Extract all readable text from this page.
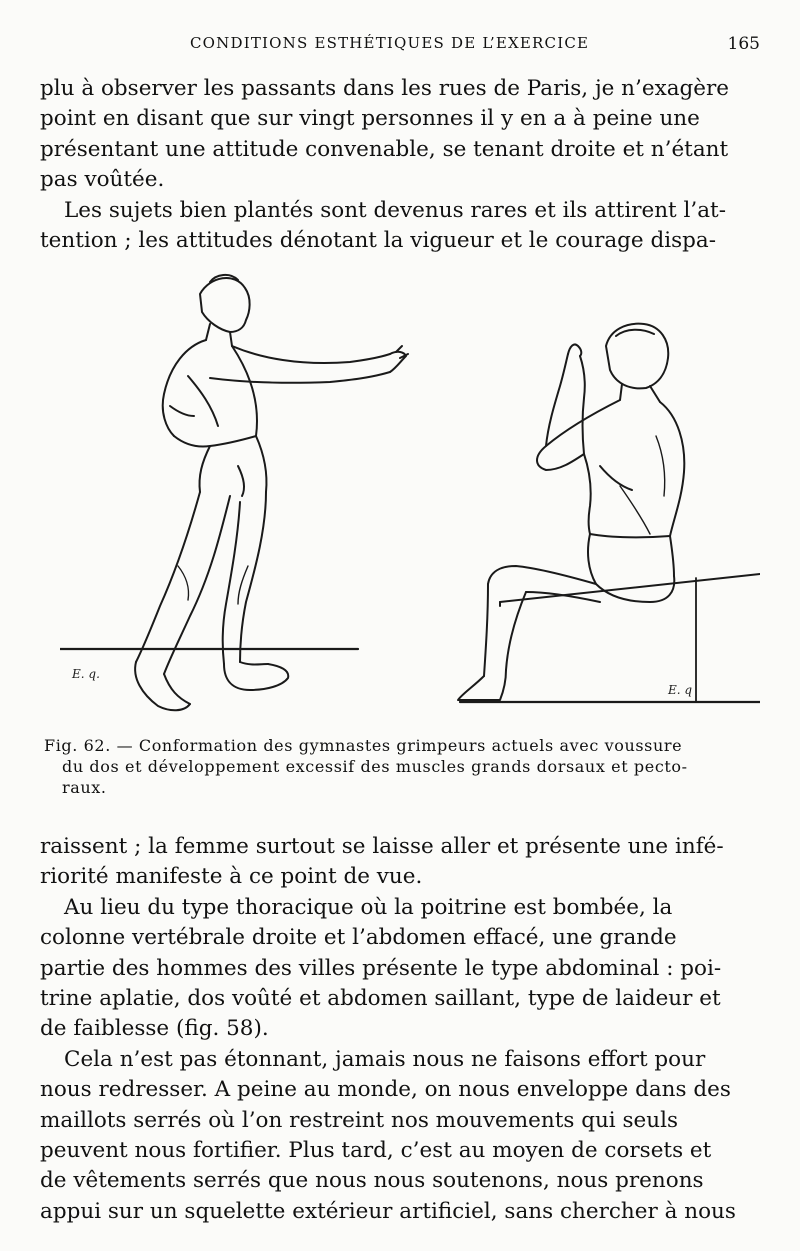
CONDITIONS ESTHÉTIQUES DE L’EXERCICE	165

plu à observer les passants dans les rues de Paris, je n’exagère
point en disant que sur vingt personnes il y en a à peine une
présentant une attitude convenable, se tenant droite et n’étant
pas voûtée.

Les sujets bien plantés sont devenus rares et ils attirent l’at-
tention ; les attitudes dénotant la vigueur et le courage dispa-

E. q.
E. q
Fig. 62. — Conformation des gymnastes grimpeurs actuels avec voussure
du dos et développement excessif des muscles grands dorsaux et pecto-
raux.

raissent ; la femme surtout se laisse aller et présente une infé-
riorité manifeste à ce point de vue.

Au lieu du type thoracique où la poitrine est bombée, la
colonne vertébrale droite et l’abdomen effacé, une grande
partie des hommes des villes présente le type abdominal : poi-
trine aplatie, dos voûté et abdomen saillant, type de laideur et
de faiblesse (fig. 58).

Cela n’est pas étonnant, jamais nous ne faisons effort pour
nous redresser. A peine au monde, on nous enveloppe dans des
maillots serrés où l’on restreint nos mouvements qui seuls
peuvent nous fortifier. Plus tard, c’est au moyen de corsets et
de vêtements serrés que nous nous soutenons, nous prenons
appui sur un squelette extérieur artificiel, sans chercher à nous
